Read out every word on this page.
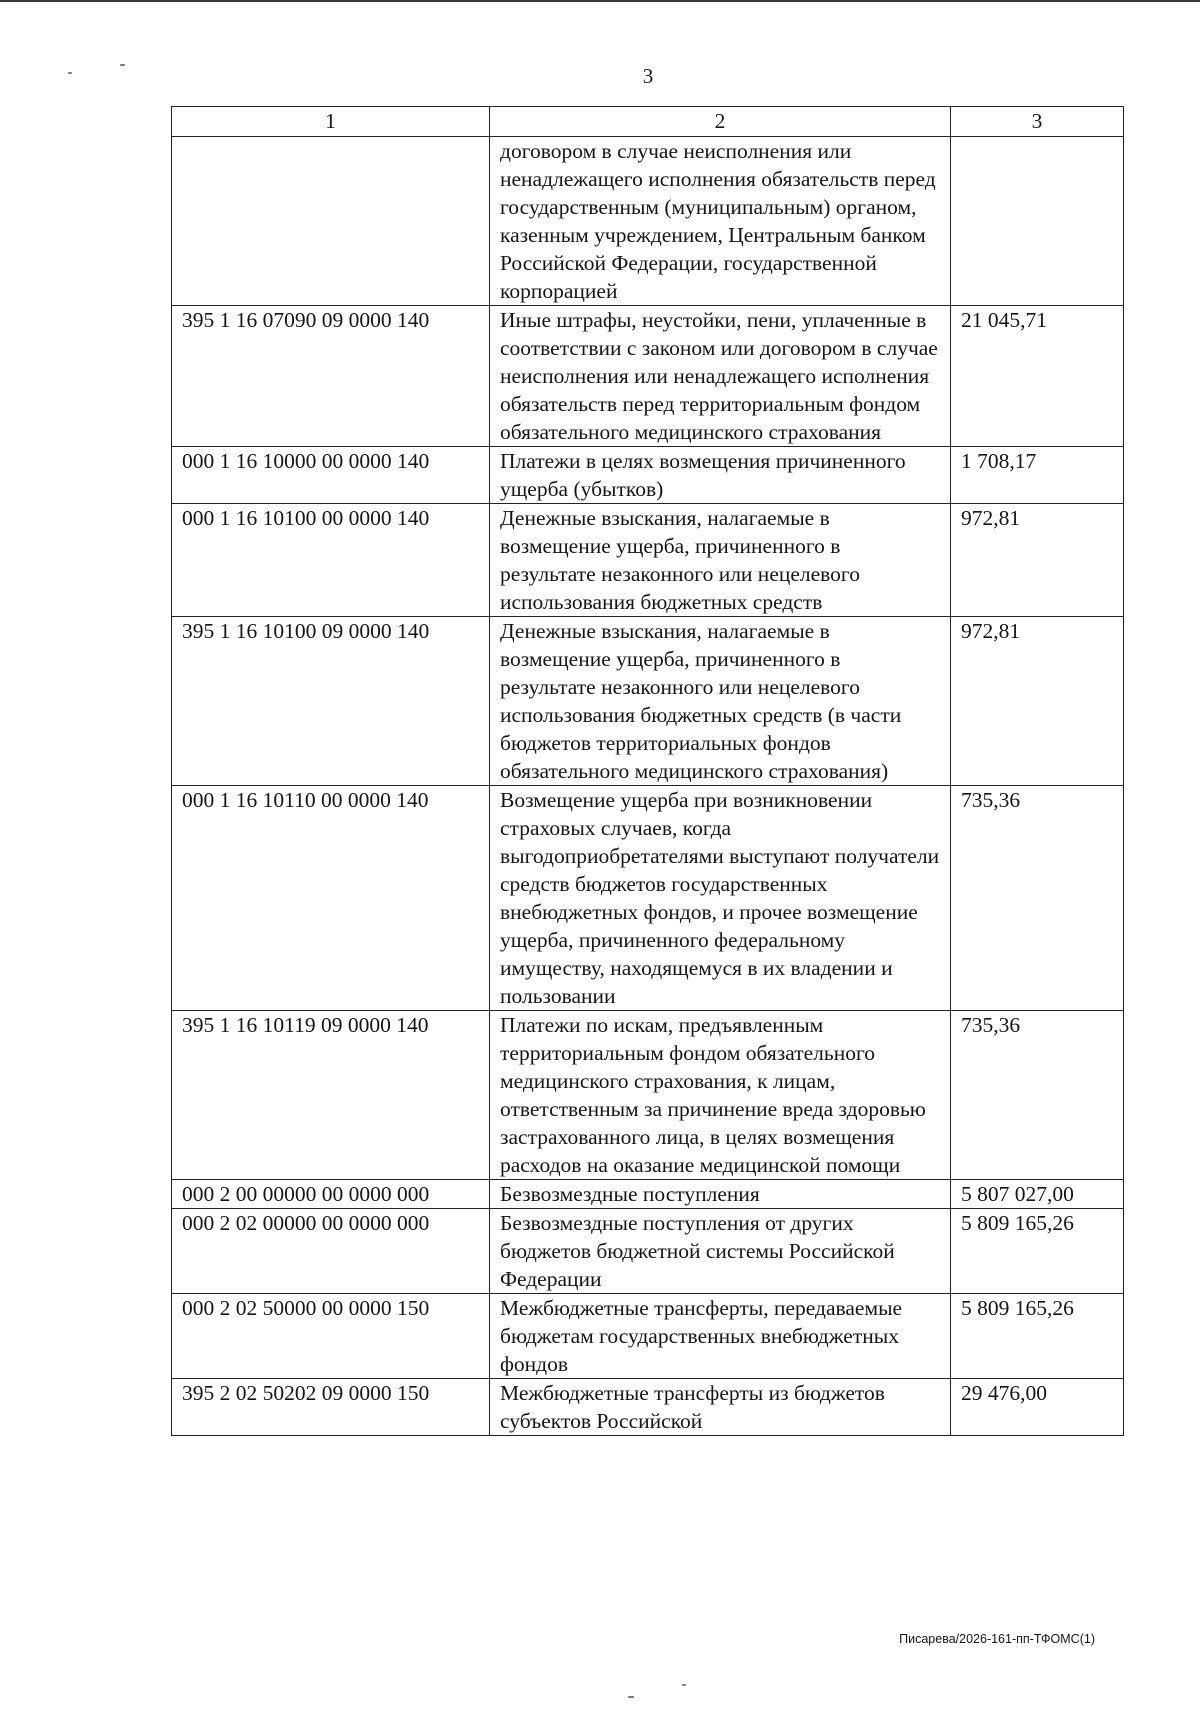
3
1	2	3
	договором в случае неисполнения или ненадлежащего исполнения обязательств перед государственным (муниципальным) органом, казенным учреждением, Центральным банком Российской Федерации, государственной корпорацией	
395 1 16 07090 09 0000 140	Иные штрафы, неустойки, пени, уплаченные в соответствии с законом или договором в случае неисполнения или ненадлежащего исполнения обязательств перед территориальным фондом обязательного медицинского страхования	21 045,71
000 1 16 10000 00 0000 140	Платежи в целях возмещения причиненного ущерба (убытков)	1 708,17
000 1 16 10100 00 0000 140	Денежные взыскания, налагаемые в возмещение ущерба, причиненного в результате незаконного или нецелевого использования бюджетных средств	972,81
395 1 16 10100 09 0000 140	Денежные взыскания, налагаемые в возмещение ущерба, причиненного в результате незаконного или нецелевого использования бюджетных средств (в части бюджетов территориальных фондов обязательного медицинского страхования)	972,81
000 1 16 10110 00 0000 140	Возмещение ущерба при возникновении страховых случаев, когда выгодоприобретателями выступают получатели средств бюджетов государственных внебюджетных фондов, и прочее возмещение ущерба, причиненного федеральному имуществу, находящемуся в их владении и пользовании	735,36
395 1 16 10119 09 0000 140	Платежи по искам, предъявленным территориальным фондом обязательного медицинского страхования, к лицам, ответственным за причинение вреда здоровью застрахованного лица, в целях возмещения расходов на оказание медицинской помощи	735,36
000 2 00 00000 00 0000 000	Безвозмездные поступления	5 807 027,00
000 2 02 00000 00 0000 000	Безвозмездные поступления от других бюджетов бюджетной системы Российской Федерации	5 809 165,26
000 2 02 50000 00 0000 150	Межбюджетные трансферты, передаваемые бюджетам государственных внебюджетных фондов	5 809 165,26
395 2 02 50202 09 0000 150	Межбюджетные трансферты из бюджетов субъектов Российской	29 476,00
Писарева/2026-161-пп-ТФОМС(1)
